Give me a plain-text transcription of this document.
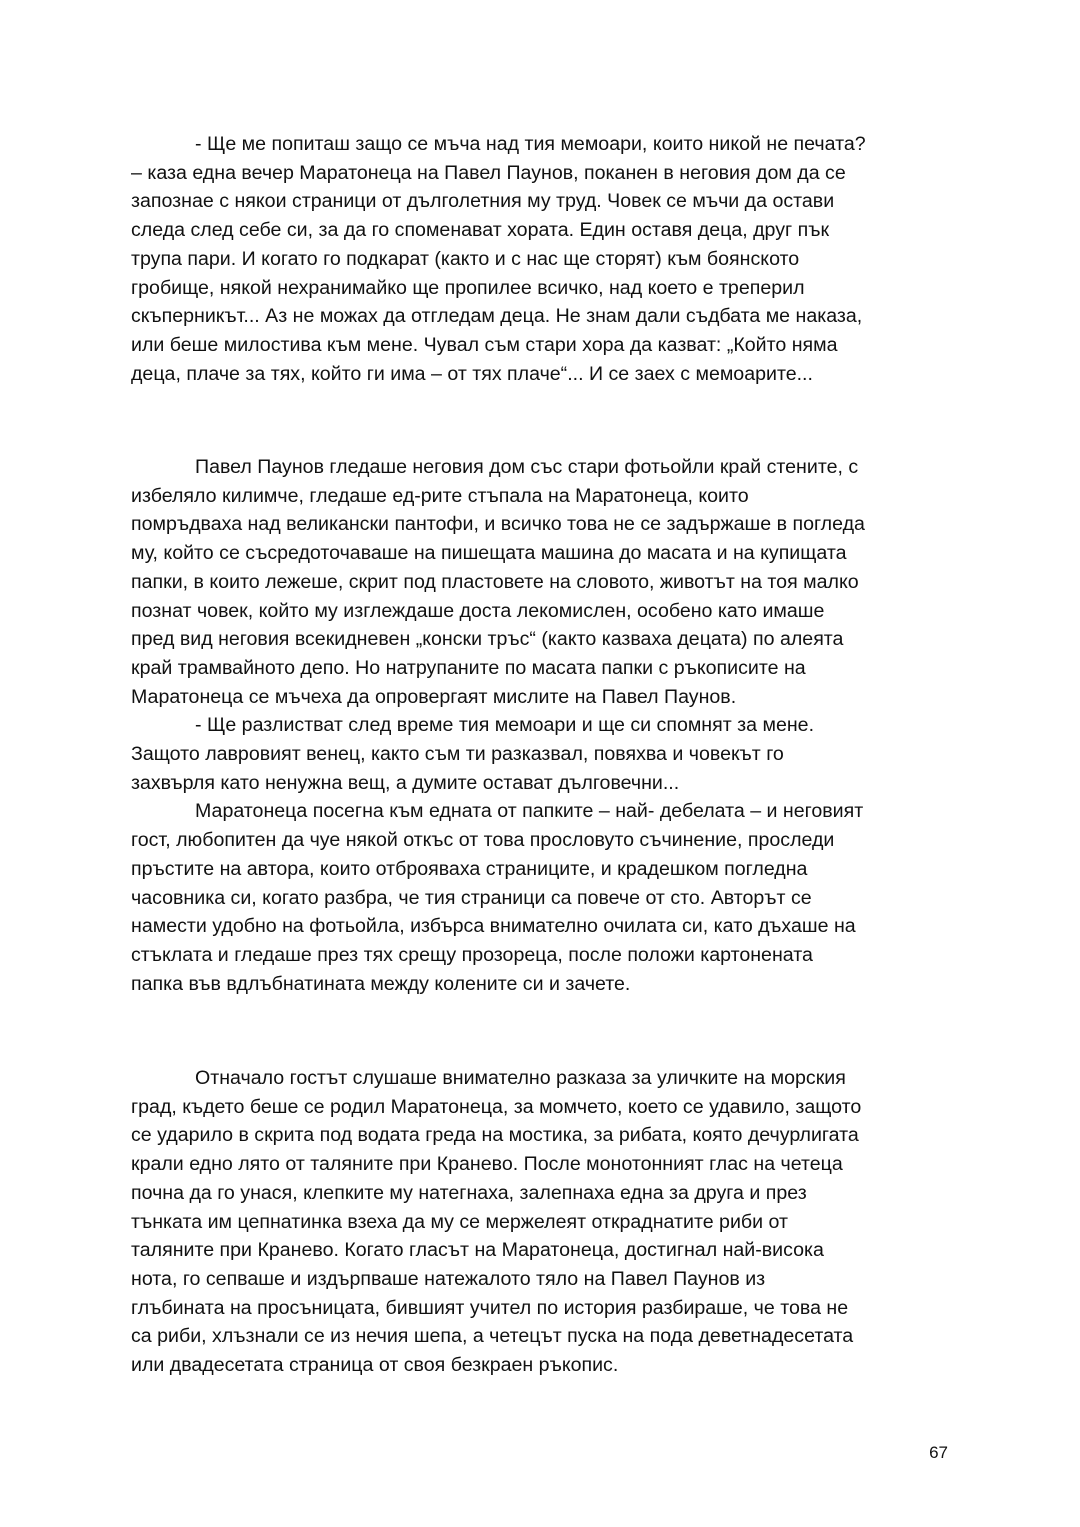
- Ще ме попиташ защо се мъча над тия мемоари, които никой не печата?
– каза една вечер Маратонеца на Павел Паунов, поканен в неговия дом да се
запознае с някои страници от дълголетния му труд. Човек се мъчи да остави
следа след себе си, за да го споменават хората. Един оставя деца, друг пък
трупа пари. И когато го подкарат (както и с нас ще сторят) към боянското
гробище, някой нехранимайко ще пропилее всичко, над което е треперил
скъперникът... Аз не можах да отгледам деца. Не знам дали съдбата ме наказа,
или беше милостива към мене. Чувал съм стари хора да казват: „Който няма
деца, плаче за тях, който ги има – от тях плаче“... И се заех с мемоарите...

Павел Паунов гледаше неговия дом със стари фотьойли край стените, с
избеляло килимче, гледаше ед-рите стъпала на Маратонеца, които
помръдваха над великански пантофи, и всичко това не се задържаше в погледа
му, който се съсредоточаваше на пишещата машина до масата и на купищата
папки, в които лежеше, скрит под пластовете на словото, животът на тоя малко
познат човек, който му изглеждаше доста лекомислен, особено като имаше
пред вид неговия всекидневен „конски тръс“ (както казваха децата) по алеята
край трамвайното депо. Но натрупаните по масата папки с ръкописите на
Маратонеца се мъчеха да опровергаят мислите на Павел Паунов.

- Ще разлистват след време тия мемоари и ще си спомнят за мене.
Защото лавровият венец, както съм ти разказвал, повяхва и човекът го
захвърля като ненужна вещ, а думите остават дълговечни...

Маратонеца посегна към едната от папките – най- дебелата – и неговият
гост, любопитен да чуе някой откъс от това прословуто съчинение, проследи
пръстите на автора, които отброяваха страниците, и крадешком погледна
часовника си, когато разбра, че тия страници са повече от сто. Авторът се
намести удобно на фотьойла, избърса внимателно очилата си, като дъхаше на
стъклата и гледаше през тях срещу прозореца, после положи картонената
папка във вдлъбнатината между колените си и зачете.

Отначало гостът слушаше внимателно разказа за уличките на морския
град, където беше се родил Маратонеца, за момчето, което се удавило, защото
се ударило в скрита под водата греда на мостика, за рибата, която дечурлигата
крали едно лято от таляните при Кранево. После монотонният глас на четеца
почна да го унася, клепките му натегнаха, залепнаха една за друга и през
тънката им цепнатинка взеха да му се мержелеят откраднатите риби от
таляните при Кранево. Когато гласът на Маратонеца, достигнал най-висока
нота, го сепваше и издърпваше натежалото тяло на Павел Паунов из
глъбината на просъницата, бившият учител по история разбираше, че това не
са риби, хлъзнали се из нечия шепа, а четецът пуска на пода деветнадесетата
или двадесетата страница от своя безкраен ръкопис.

67
